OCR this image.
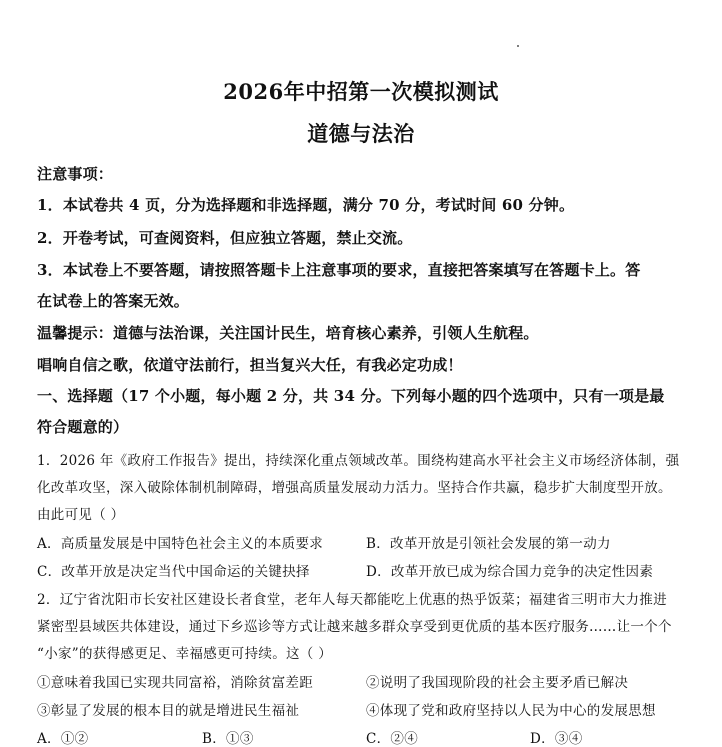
2026年中招第一次模拟测试
道德与法治
注意事项：
1．本试卷共 4 页，分为选择题和非选择题，满分 70 分，考试时间 60 分钟。
2．开卷考试，可查阅资料，但应独立答题，禁止交流。
3．本试卷上不要答题，请按照答题卡上注意事项的要求，直接把答案填写在答题卡上。答
在试卷上的答案无效。
温馨提示：道德与法治课，关注国计民生，培育核心素养，引领人生航程。
唱响自信之歌，依道守法前行，担当复兴大任，有我必定功成！
一、选择题（17 个小题，每小题 2 分，共 34 分。下列每小题的四个选项中，只有一项是最
符合题意的）
1．2026 年《政府工作报告》提出，持续深化重点领域改革。围绕构建高水平社会主义市场经济体制，强
化改革攻坚，深入破除体制机制障碍，增强高质量发展动力活力。坚持合作共赢，稳步扩大制度型开放。
由此可见（ ）
A．高质量发展是中国特色社会主义的本质要求	B．改革开放是引领社会发展的第一动力
C．改革开放是决定当代中国命运的关键抉择	D．改革开放已成为综合国力竞争的决定性因素
2．辽宁省沈阳市长安社区建设长者食堂，老年人每天都能吃上优惠的热乎饭菜；福建省三明市大力推进
紧密型县域医共体建设，通过下乡巡诊等方式让越来越多群众享受到更优质的基本医疗服务……让一个个
“小家”的获得感更足、幸福感更可持续。这（ ）
①意味着我国已实现共同富裕，消除贫富差距	②说明了我国现阶段的社会主要矛盾已解决
③彰显了发展的根本目的就是增进民生福祉	④体现了党和政府坚持以人民为中心的发展思想
A．①②	B．①③	C．②④	D．③④
